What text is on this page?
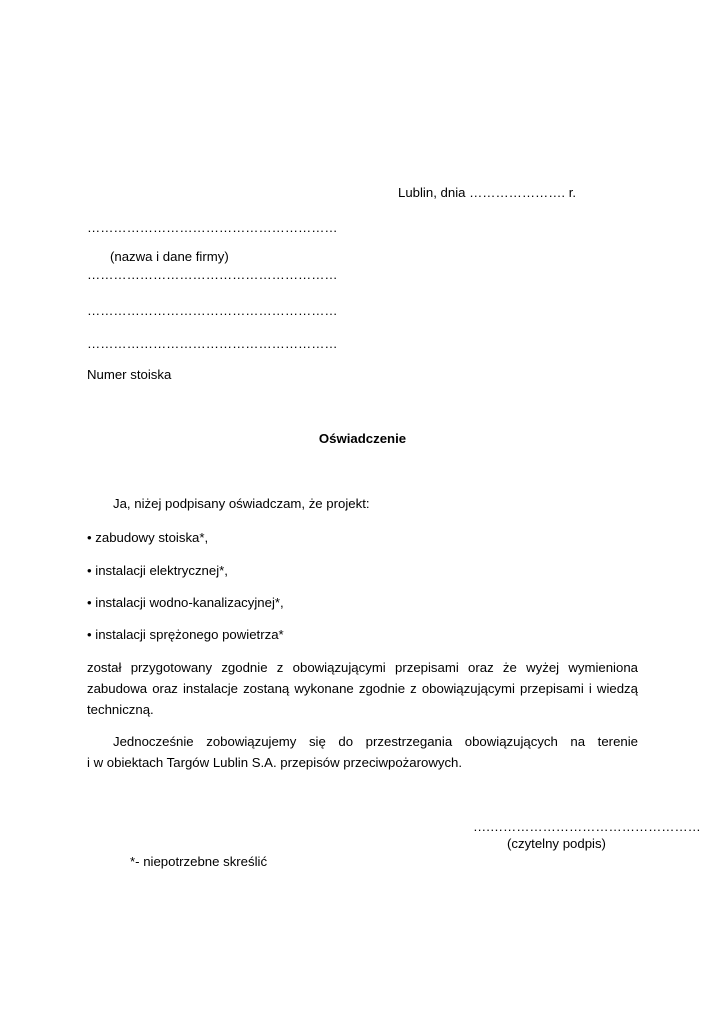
Lublin, dnia …………………. r.
…………………………………………………
(nazwa i dane firmy)
…………………………………………………
…………………………………………………
…………………………………………………
Numer stoiska
Oświadczenie
Ja, niżej podpisany oświadczam, że projekt:
• zabudowy stoiska*,
• instalacji elektrycznej*,
• instalacji wodno-kanalizacyjnej*,
• instalacji sprężonego powietrza*
został przygotowany zgodnie z obowiązującymi przepisami oraz że wyżej wymieniona
zabudowa oraz instalacje zostaną wykonane zgodnie z obowiązującymi przepisami i wiedzą
techniczną.
Jednocześnie zobowiązujemy się do przestrzegania obowiązujących na terenie
i w obiektach Targów Lublin S.A. przepisów przeciwpożarowych.
….…………………………………………
(czytelny podpis)
*- niepotrzebne skreślić
